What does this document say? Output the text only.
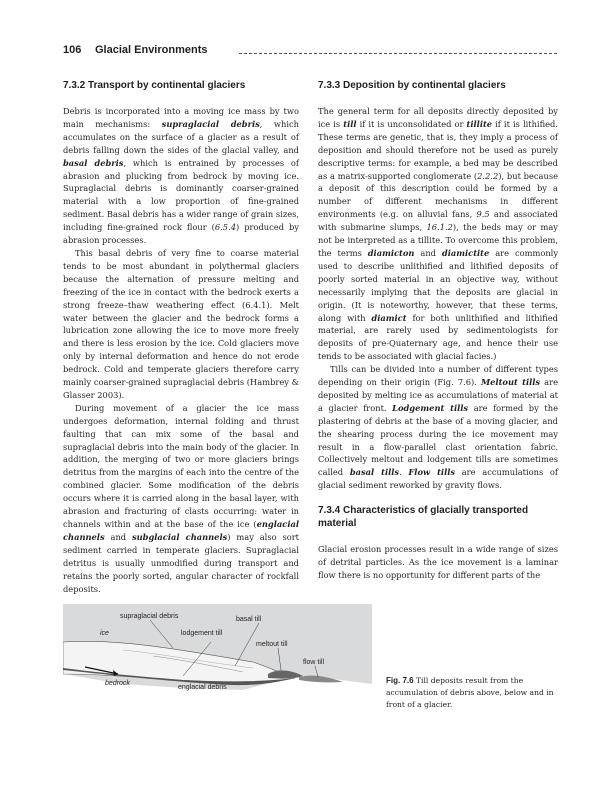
106 Glacial Environments
7.3.2 Transport by continental glaciers

Debris is incorporated into a moving ice mass by two main mechanisms: supraglacial debris, which accumulates on the surface of a glacier as a result of debris falling down the sides of the glacial valley, and basal debris, which is entrained by processes of abrasion and plucking from bedrock by moving ice. Supraglacial debris is dominantly coarser-grained material with a low proportion of fine-grained sediment. Basal debris has a wider range of grain sizes, including fine-grained rock flour (6.5.4) produced by abrasion processes.

This basal debris of very fine to coarse material tends to be most abundant in polythermal glaciers because the alternation of pressure melting and freezing of the ice in contact with the bedrock exerts a strong freeze–thaw weathering effect (6.4.1). Melt water between the glacier and the bedrock forms a lubrication zone allowing the ice to move more freely and there is less erosion by the ice. Cold glaciers move only by internal deformation and hence do not erode bedrock. Cold and temperate glaciers therefore carry mainly coarser-grained supraglacial debris (Hambrey & Glasser 2003).

During movement of a glacier the ice mass undergoes deformation, internal folding and thrust faulting that can mix some of the basal and supraglacial debris into the main body of the glacier. In addition, the merging of two or more glaciers brings detritus from the margins of each into the centre of the combined glacier. Some modification of the debris occurs where it is carried along in the basal layer, with abrasion and fracturing of clasts occurring: water in channels within and at the base of the ice (englacial channels and subglacial channels) may also sort sediment carried in temperate glaciers. Supraglacial detritus is usually unmodified during transport and retains the poorly sorted, angular character of rockfall deposits.

7.3.3 Deposition by continental glaciers

The general term for all deposits directly deposited by ice is till if it is unconsolidated or tillite if it is lithified. These terms are genetic, that is, they imply a process of deposition and should therefore not be used as purely descriptive terms: for example, a bed may be described as a matrix-supported conglomerate (2.2.2), but because a deposit of this description could be formed by a number of different mechanisms in different environments (e.g. on alluvial fans, 9.5 and associated with submarine slumps, 16.1.2), the beds may or may not be interpreted as a tillite. To overcome this problem, the terms diamicton and diamictite are commonly used to describe unlithified and lithified deposits of poorly sorted material in an objective way, without necessarily implying that the deposits are glacial in origin. (It is noteworthy, however, that these terms, along with diamict for both unlithified and lithified material, are rarely used by sedimentologists for deposits of pre-Quaternary age, and hence their use tends to be associated with glacial facies.)

Tills can be divided into a number of different types depending on their origin (Fig. 7.6). Meltout tills are deposited by melting ice as accumulations of material at a glacier front. Lodgement tills are formed by the plastering of debris at the base of a moving glacier, and the shearing process during the ice movement may result in a flow-parallel clast orientation fabric. Collectively meltout and lodgement tills are sometimes called basal tills. Flow tills are accumulations of glacial sediment reworked by gravity flows.

7.3.4 Characteristics of glacially transported material

Glacial erosion processes result in a wide range of sizes of detrital particles. As the ice movement is a laminar flow there is no opportunity for different parts of the

supraglacial debris	basal till
ice	lodgement till
meltout till
flow till
bedrock
englacial debris
Fig. 7.6 Till deposits result from the accumulation of debris above, below and in front of a glacier.
